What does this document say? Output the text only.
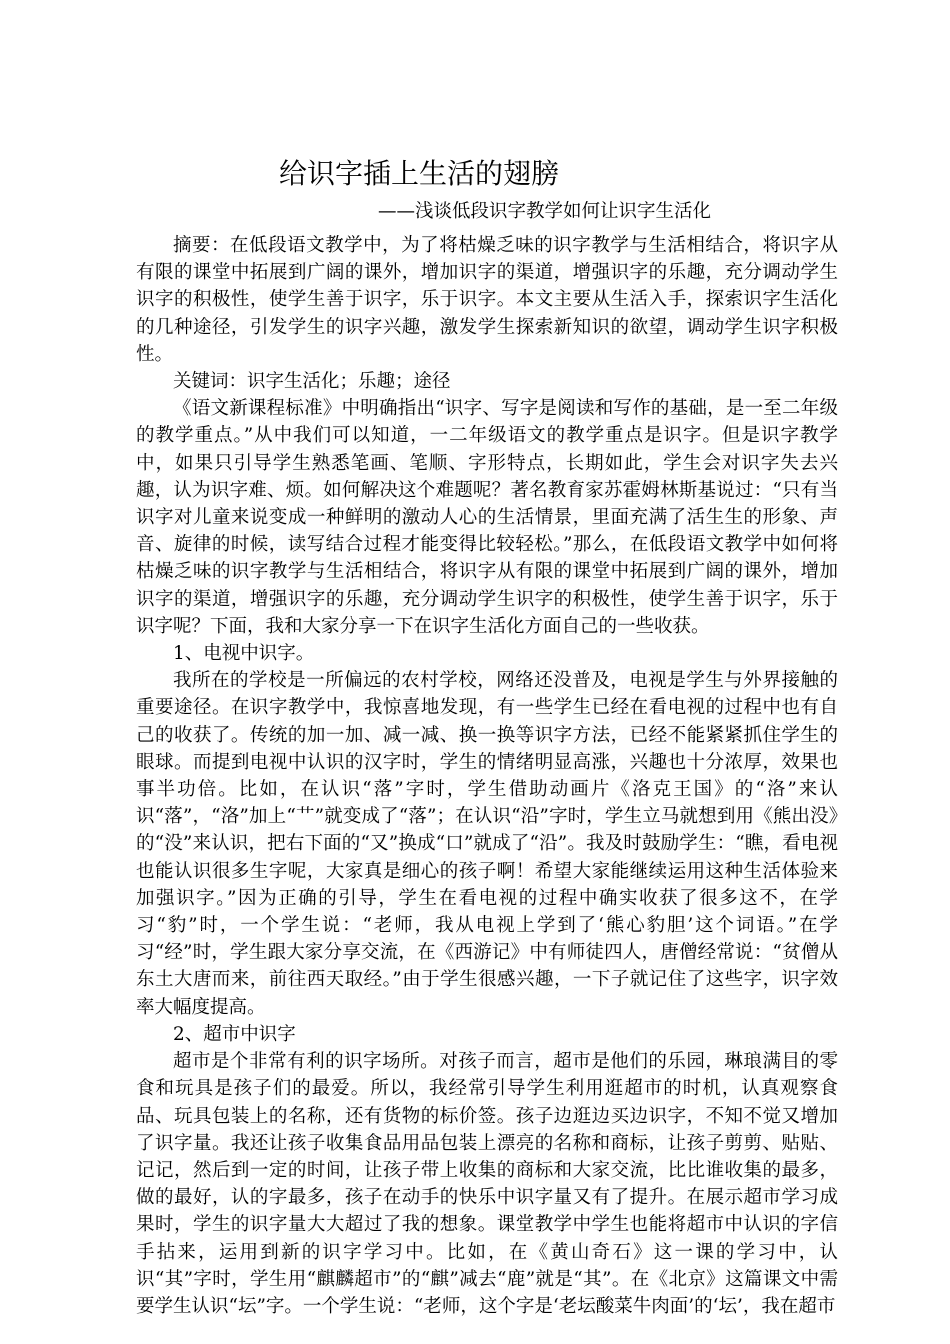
给识字插上生活的翅膀
——浅谈低段识字教学如何让识字生活化

摘要：在低段语文教学中，为了将枯燥乏味的识字教学与生活相结合，将识字从有限的课堂中拓展到广阔的课外，增加识字的渠道，增强识字的乐趣，充分调动学生识字的积极性，使学生善于识字，乐于识字。本文主要从生活入手，探索识字生活化的几种途径，引发学生的识字兴趣，激发学生探索新知识的欲望，调动学生识字积极性。

关键词：识字生活化；乐趣；途径

《语文新课程标准》中明确指出“识字、写字是阅读和写作的基础，是一至二年级的教学重点。”从中我们可以知道，一二年级语文的教学重点是识字。但是识字教学中，如果只引导学生熟悉笔画、笔顺、字形特点，长期如此，学生会对识字失去兴趣，认为识字难、烦。如何解决这个难题呢？著名教育家苏霍姆林斯基说过：“只有当识字对儿童来说变成一种鲜明的激动人心的生活情景，里面充满了活生生的形象、声音、旋律的时候，读写结合过程才能变得比较轻松。”那么，在低段语文教学中如何将枯燥乏味的识字教学与生活相结合，将识字从有限的课堂中拓展到广阔的课外，增加识字的渠道，增强识字的乐趣，充分调动学生识字的积极性，使学生善于识字，乐于识字呢？下面，我和大家分享一下在识字生活化方面自己的一些收获。

1、电视中识字。

我所在的学校是一所偏远的农村学校，网络还没普及，电视是学生与外界接触的重要途径。在识字教学中，我惊喜地发现，有一些学生已经在看电视的过程中也有自己的收获了。传统的加一加、减一减、换一换等识字方法，已经不能紧紧抓住学生的眼球。而提到电视中认识的汉字时，学生的情绪明显高涨，兴趣也十分浓厚，效果也事半功倍。比如，在认识“落”字时，学生借助动画片《洛克王国》的“洛”来认识“落”，“洛”加上“艹”就变成了“落”；在认识“沿”字时，学生立马就想到用《熊出没》的“没”来认识，把右下面的“又”换成“口”就成了“沿”。我及时鼓励学生：“瞧，看电视也能认识很多生字呢，大家真是细心的孩子啊！希望大家能继续运用这种生活体验来加强识字。”因为正确的引导，学生在看电视的过程中确实收获了很多这不，在学习“豹”时，一个学生说：“老师，我从电视上学到了‘熊心豹胆’这个词语。”在学习“经”时，学生跟大家分享交流，在《西游记》中有师徒四人，唐僧经常说：“贫僧从东土大唐而来，前往西天取经。”由于学生很感兴趣，一下子就记住了这些字，识字效率大幅度提高。

2、超市中识字

超市是个非常有利的识字场所。对孩子而言，超市是他们的乐园，琳琅满目的零食和玩具是孩子们的最爱。所以，我经常引导学生利用逛超市的时机，认真观察食品、玩具包装上的名称，还有货物的标价签。孩子边逛边买边识字，不知不觉又增加了识字量。我还让孩子收集食品用品包装上漂亮的名称和商标，让孩子剪剪、贴贴、记记，然后到一定的时间，让孩子带上收集的商标和大家交流，比比谁收集的最多，做的最好，认的字最多，孩子在动手的快乐中识字量又有了提升。在展示超市学习成果时，学生的识字量大大超过了我的想象。课堂教学中学生也能将超市中认识的字信手拈来，运用到新的识字学习中。比如，在《黄山奇石》这一课的学习中，认识“其”字时，学生用“麒麟超市”的“麒”减去“鹿”就是“其”。在《北京》这篇课文中需要学生认识“坛”字。一个学生说：“老师，这个字是‘老坛酸菜牛肉面’的‘坛’，我在超市
